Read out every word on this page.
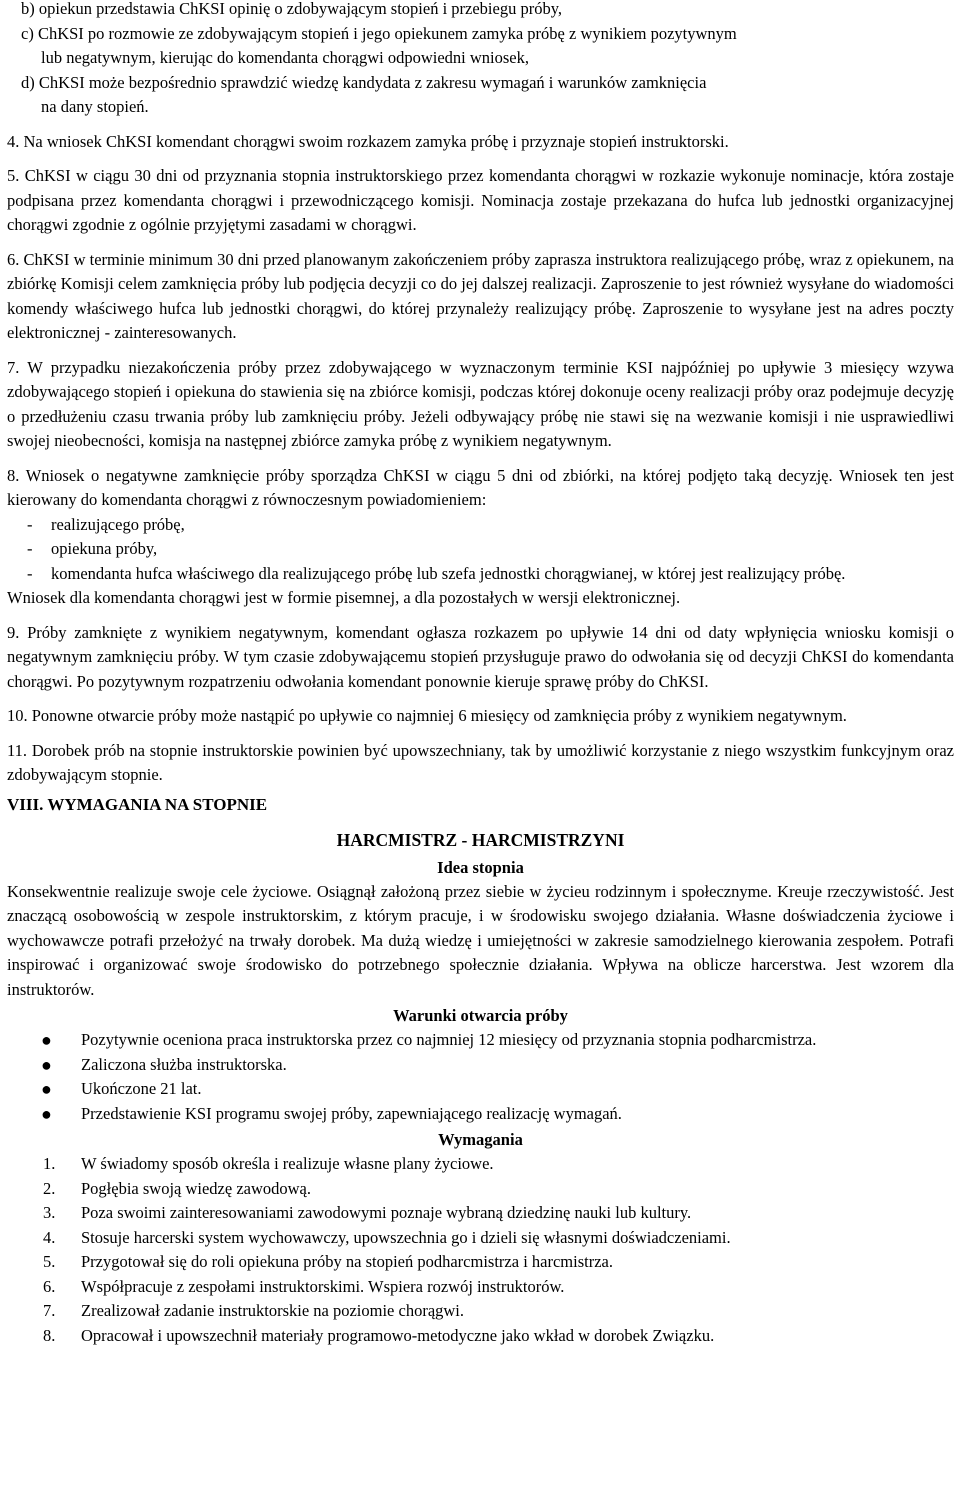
b) opiekun przedstawia ChKSI opinię o zdobywającym stopień i przebiegu próby,
c) ChKSI po rozmowie ze zdobywającym stopień i jego opiekunem zamyka próbę z wynikiem pozytywnym
lub negatywnym, kierując do komendanta chorągwi odpowiedni wniosek,
d) ChKSI może bezpośrednio sprawdzić wiedzę kandydata z zakresu wymagań i warunków zamknięcia
na dany stopień.

4. Na wniosek ChKSI komendant chorągwi swoim rozkazem zamyka próbę i przyznaje stopień instruktorski.

5. ChKSI w ciągu 30 dni od przyznania stopnia instruktorskiego przez komendanta chorągwi w rozkazie wykonuje nominacje, która zostaje podpisana przez komendanta chorągwi i przewodniczącego komisji. Nominacja zostaje przekazana do hufca lub jednostki organizacyjnej chorągwi zgodnie z ogólnie przyjętymi zasadami w chorągwi.

6. ChKSI w terminie minimum 30 dni przed planowanym zakończeniem próby zaprasza instruktora realizującego próbę, wraz z opiekunem, na zbiórkę Komisji celem zamknięcia próby lub podjęcia decyzji co do jej dalszej realizacji. Zaproszenie to jest również wysyłane do wiadomości komendy właściwego hufca lub jednostki chorągwi, do której przynależy realizujący próbę. Zaproszenie to wysyłane jest na adres poczty elektronicznej - zainteresowanych.

7. W przypadku niezakończenia próby przez zdobywającego w wyznaczonym terminie KSI najpóźniej po upływie 3 miesięcy wzywa zdobywającego stopień i opiekuna do stawienia się na zbiórce komisji, podczas której dokonuje oceny realizacji próby oraz podejmuje decyzję o przedłużeniu czasu trwania próby lub zamknięciu próby. Jeżeli odbywający próbę nie stawi się na wezwanie komisji i nie usprawiedliwi swojej nieobecności, komisja na następnej zbiórce zamyka próbę z wynikiem negatywnym.

8. Wniosek o negatywne zamknięcie próby sporządza ChKSI w ciągu 5 dni od zbiórki, na której podjęto taką decyzję. Wniosek ten jest kierowany do komendanta chorągwi z równoczesnym powiadomieniem:

-	realizującego próbę,
-	opiekuna próby,
-	komendanta hufca właściwego dla realizującego próbę lub szefa jednostki chorągwianej, w której jest realizujący próbę.

Wniosek dla komendanta chorągwi jest w formie pisemnej, a dla pozostałych w wersji elektronicznej.

9. Próby zamknięte z wynikiem negatywnym, komendant ogłasza rozkazem po upływie 14 dni od daty wpłynięcia wniosku komisji o negatywnym zamknięciu próby. W tym czasie zdobywającemu stopień przysługuje prawo do odwołania się od decyzji ChKSI do komendanta chorągwi. Po pozytywnym rozpatrzeniu odwołania komendant ponownie kieruje sprawę próby do ChKSI.

10. Ponowne otwarcie próby może nastąpić po upływie co najmniej 6 miesięcy od zamknięcia próby z wynikiem negatywnym.

11. Dorobek prób na stopnie instruktorskie powinien być upowszechniany, tak by umożliwić korzystanie z niego wszystkim funkcyjnym oraz zdobywającym stopnie.

VIII. WYMAGANIA NA STOPNIE
HARCMISTRZ - HARCMISTRZYNI
Idea stopnia

Konsekwentnie realizuje swoje cele życiowe. Osiągnął założoną przez siebie w życieu rodzinnym i społecznyme. Kreuje rzeczywistość. Jest znaczącą osobowością w zespole instruktorskim, z którym pracuje, i w środowisku swojego działania. Własne doświadczenia życiowe i wychowawcze potrafi przełożyć na trwały dorobek. Ma dużą wiedzę i umiejętności w zakresie samodzielnego kierowania zespołem. Potrafi inspirować i organizować swoje środowisko do potrzebnego społecznie działania. Wpływa na oblicze harcerstwa. Jest wzorem dla instruktorów.

Warunki otwarcia próby
● Pozytywnie oceniona praca instruktorska przez co najmniej 12 miesięcy od przyznania stopnia podharcmistrza.
● Zaliczona służba instruktorska.
● Ukończone 21 lat.
● Przedstawienie KSI programu swojej próby, zapewniającego realizację wymagań.
Wymagania
1. W świadomy sposób określa i realizuje własne plany życiowe.
2. Pogłębia swoją wiedzę zawodową.
3. Poza swoimi zainteresowaniami zawodowymi poznaje wybraną dziedzinę nauki lub kultury.
4. Stosuje harcerski system wychowawczy, upowszechnia go i dzieli się własnymi doświadczeniami.
5. Przygotował się do roli opiekuna próby na stopień podharcmistrza i harcmistrza.
6. Współpracuje z zespołami instruktorskimi. Wspiera rozwój instruktorów.
7. Zrealizował zadanie instruktorskie na poziomie chorągwi.
8. Opracował i upowszechnił materiały programowo-metodyczne jako wkład w dorobek Związku.
